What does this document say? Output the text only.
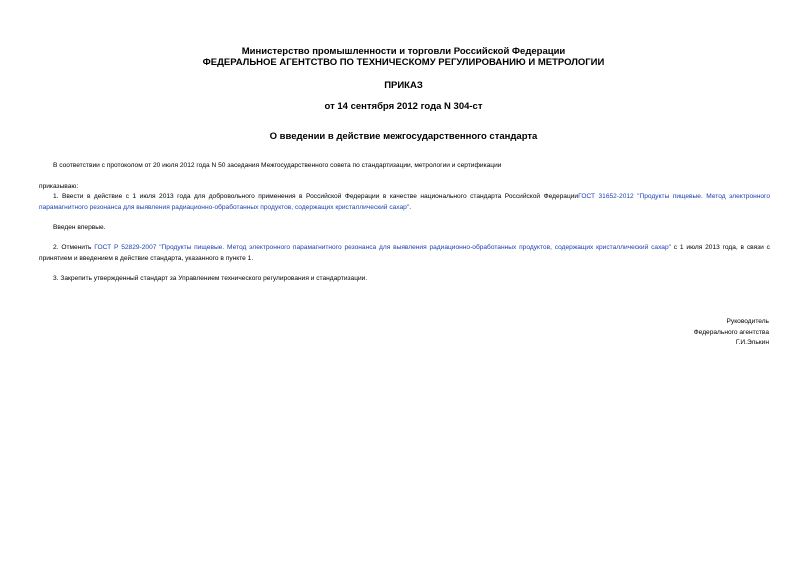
Министерство промышленности и торговли Российской Федерации
ФЕДЕРАЛЬНОЕ АГЕНТСТВО ПО ТЕХНИЧЕСКОМУ РЕГУЛИРОВАНИЮ И МЕТРОЛОГИИ
ПРИКАЗ
от 14 сентября 2012 года N 304-ст
О введении в действие межгосударственного стандарта
В соответствии с протоколом от 20 июля 2012 года N 50 заседания Межгосударственного совета по стандартизации, метрологии и сертификации
приказываю:
1. Ввести в действие с 1 июля 2013 года для добровольного применения в Российской Федерации в качестве национального стандарта Российской ФедерацииГОСТ 31652-2012 "Продукты пищевые. Метод электронного парамагнитного резонанса для выявления радиационно-обработанных продуктов, содержащих кристаллический сахар".
Введен впервые.
2. Отменить ГОСТ Р 52829-2007 "Продукты пищевые. Метод электронного парамагнитного резонанса для выявления радиационно-обработанных продуктов, содержащих кристаллический сахар" с 1 июля 2013 года, в связи с принятием и введением в действие стандарта, указанного в пункте 1.
3. Закрепить утвержденный стандарт за Управлением технического регулирования и стандартизации.
Руководитель
Федерального агентства
Г.И.Элькин
